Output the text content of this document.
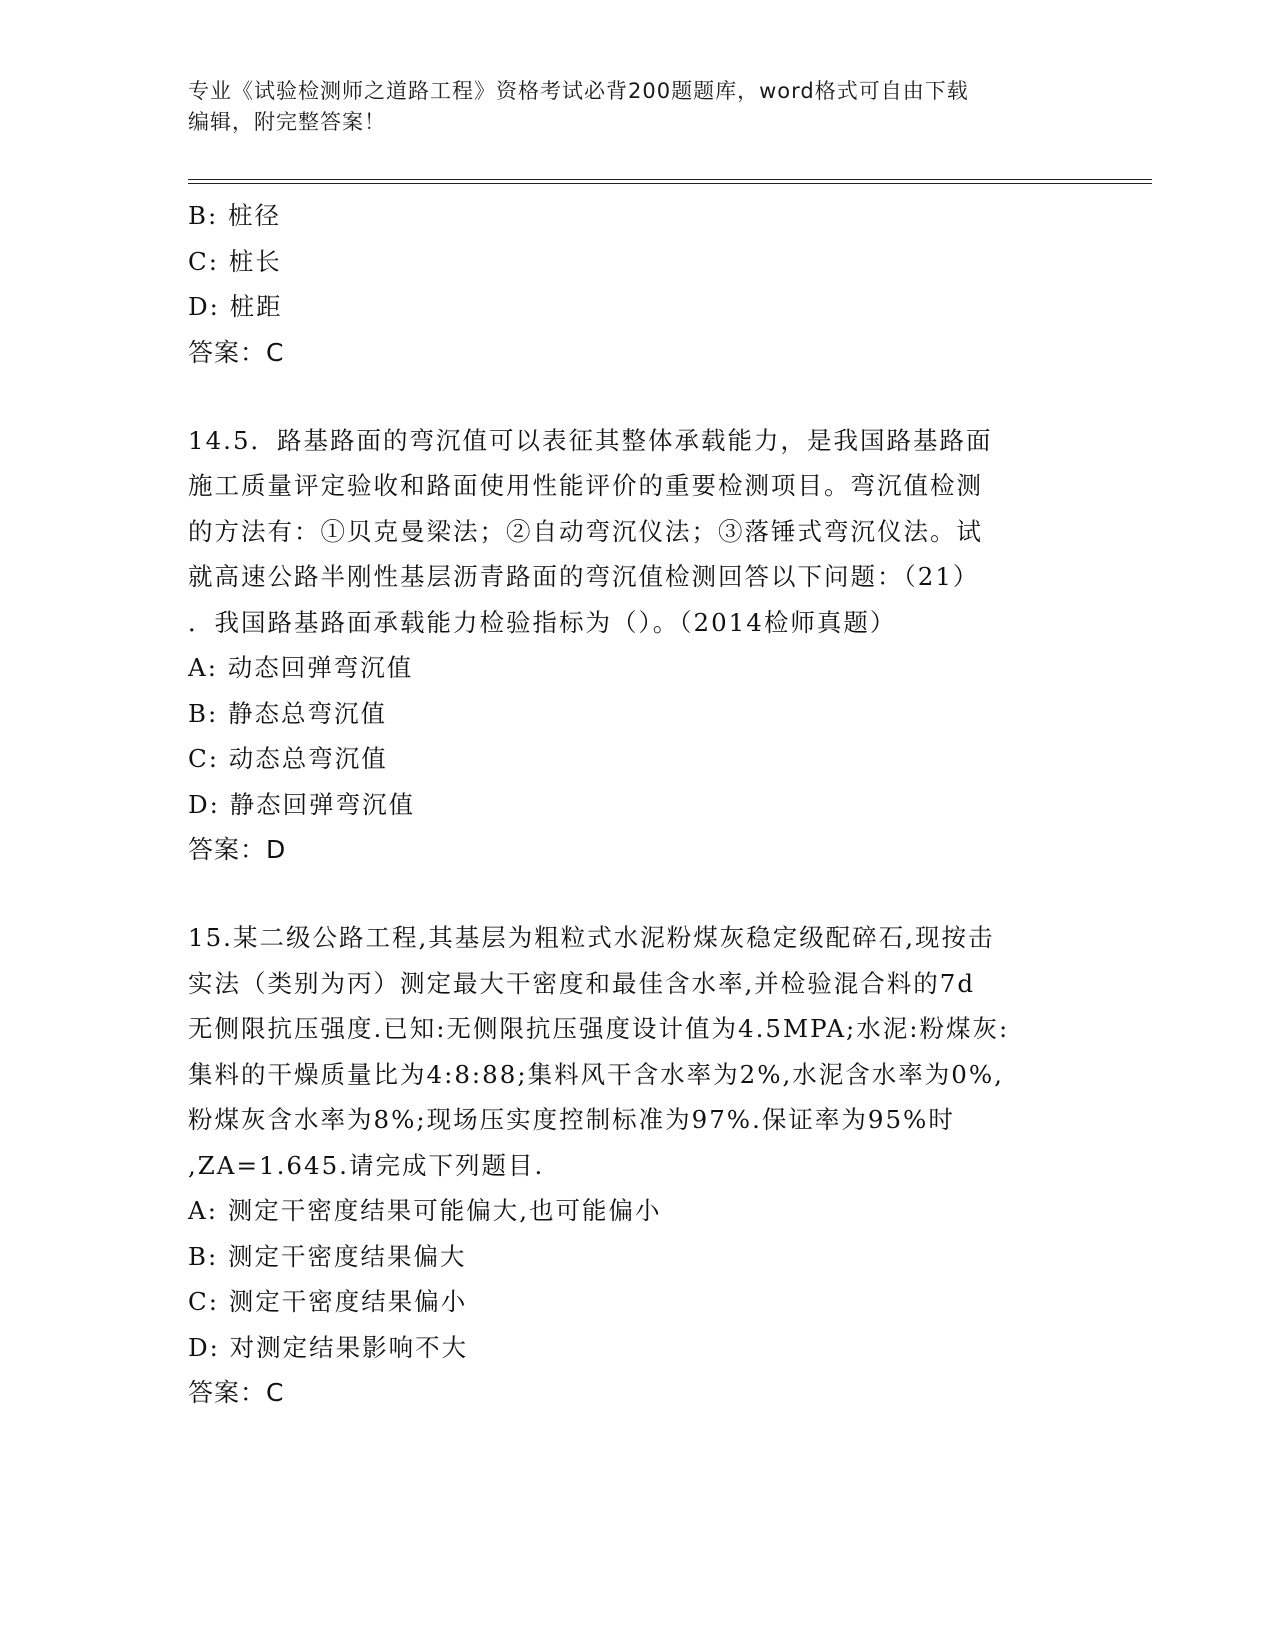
专业《试验检测师之道路工程》资格考试必背200题题库，word格式可自由下载
编辑，附完整答案！
B: 桩径
C: 桩长
D: 桩距
答案：C
14.5．路基路面的弯沉值可以表征其整体承载能力，是我国路基路面
施工质量评定验收和路面使用性能评价的重要检测项目。弯沉值检测
的方法有：①贝克曼梁法；②自动弯沉仪法；③落锤式弯沉仪法。试
就高速公路半刚性基层沥青路面的弯沉值检测回答以下问题：（21）
．我国路基路面承载能力检验指标为（）。（2014检师真题）
A: 动态回弹弯沉值
B: 静态总弯沉值
C: 动态总弯沉值
D: 静态回弹弯沉值
答案：D
15.某二级公路工程,其基层为粗粒式水泥粉煤灰稳定级配碎石,现按击
实法（类别为丙）测定最大干密度和最佳含水率,并检验混合料的7d
无侧限抗压强度.已知:无侧限抗压强度设计值为4.5MPA;水泥:粉煤灰:
集料的干燥质量比为4:8:88;集料风干含水率为2%,水泥含水率为0%,
粉煤灰含水率为8%;现场压实度控制标准为97%.保证率为95%时
,ZA=1.645.请完成下列题目.
A: 测定干密度结果可能偏大,也可能偏小
B: 测定干密度结果偏大
C: 测定干密度结果偏小
D: 对测定结果影响不大
答案：C
